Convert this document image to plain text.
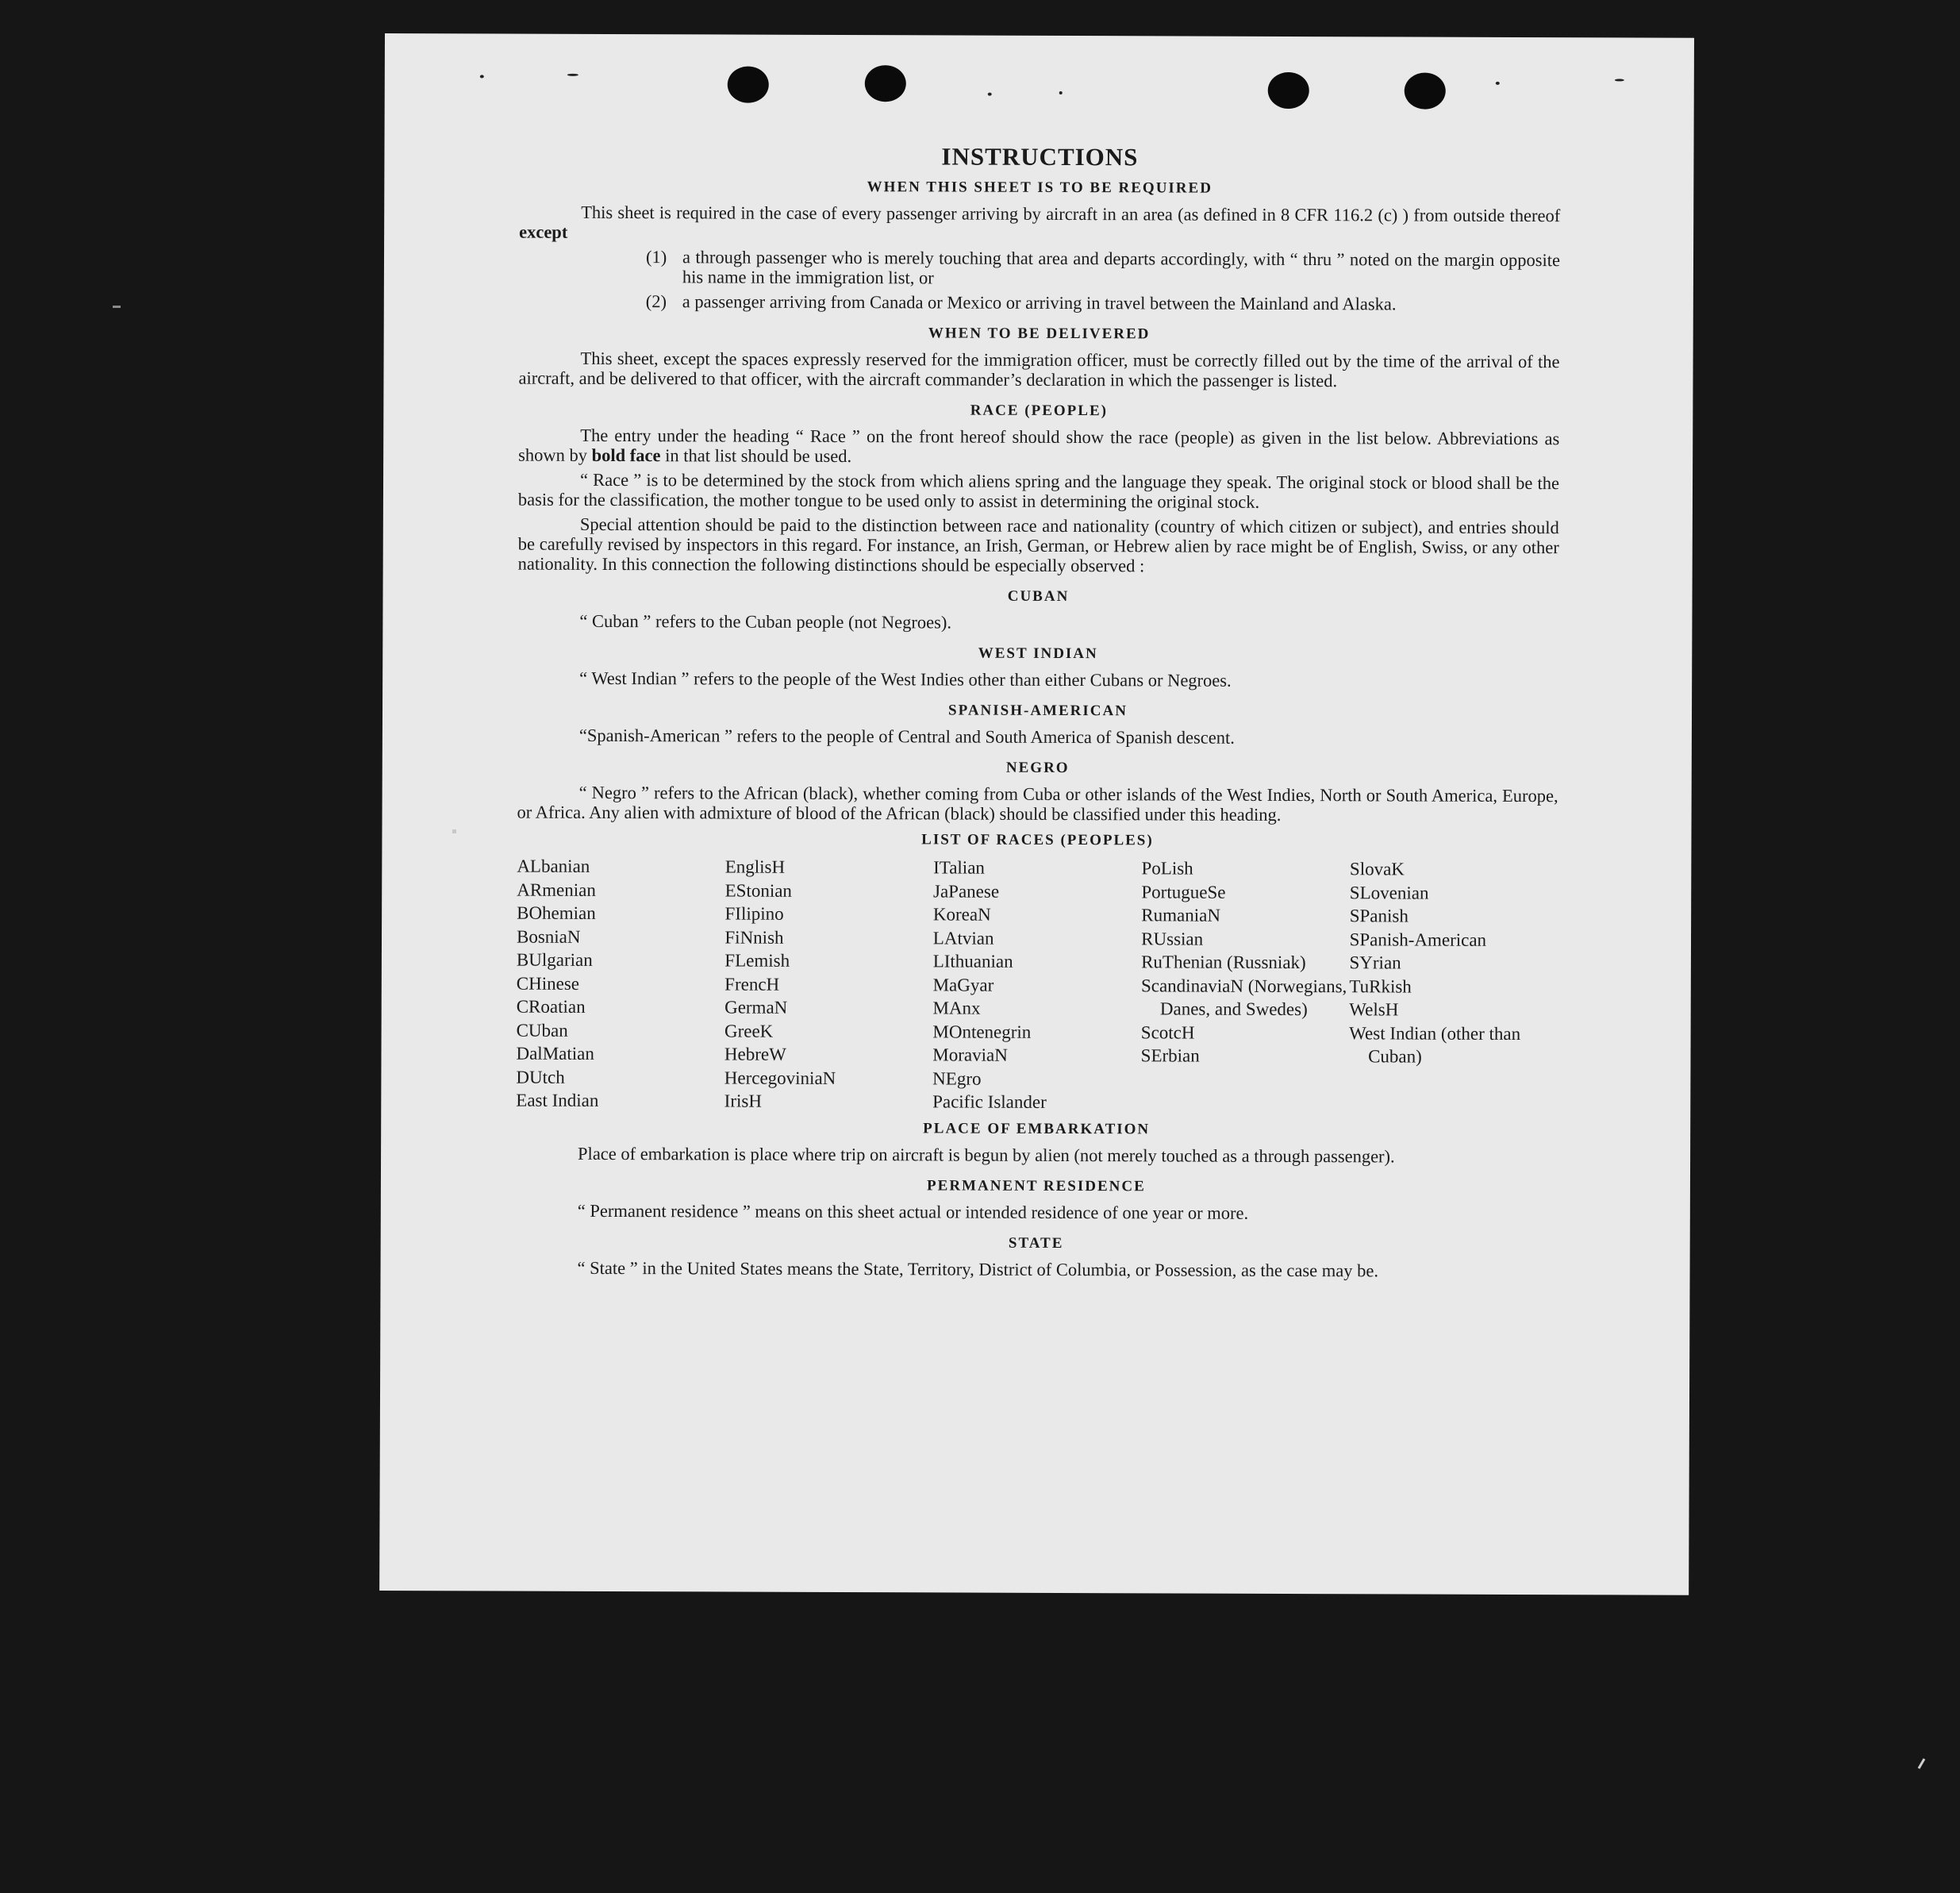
INSTRUCTIONS
WHEN THIS SHEET IS TO BE REQUIRED

This sheet is required in the case of every passenger arriving by aircraft in an area (as defined in 8 CFR 116.2 (c) ) from outside thereof except

(1) a through passenger who is merely touching that area and departs accordingly, with “ thru ” noted on the margin opposite his name in the immigration list, or
(2) a passenger arriving from Canada or Mexico or arriving in travel between the Mainland and Alaska.
WHEN TO BE DELIVERED

This sheet, except the spaces expressly reserved for the immigration officer, must be correctly filled out by the time of the arrival of the aircraft, and be delivered to that officer, with the aircraft commander’s declaration in which the passenger is listed.

RACE (PEOPLE)

The entry under the heading “ Race ” on the front hereof should show the race (people) as given in the list below. Abbreviations as shown by bold face in that list should be used.

“ Race ” is to be determined by the stock from which aliens spring and the language they speak. The original stock or blood shall be the basis for the classification, the mother tongue to be used only to assist in determining the original stock.

Special attention should be paid to the distinction between race and nationality (country of which citizen or subject), and entries should be carefully revised by inspectors in this regard. For instance, an Irish, German, or Hebrew alien by race might be of English, Swiss, or any other nationality. In this connection the following distinctions should be especially observed :

CUBAN

“ Cuban ” refers to the Cuban people (not Negroes).

WEST INDIAN

“ West Indian ” refers to the people of the West Indies other than either Cubans or Negroes.

SPANISH-AMERICAN

“Spanish-American ” refers to the people of Central and South America of Spanish descent.

NEGRO

“ Negro ” refers to the African (black), whether coming from Cuba or other islands of the West Indies, North or South America, Europe, or Africa. Any alien with admixture of blood of the African (black) should be classified under this heading.

LIST OF RACES (PEOPLES)
ALbanian
ARmenian
BOhemian
BosniaN
BUlgarian
CHinese
CRoatian
CUban
DalMatian
DUtch
East Indian
EnglisH
EStonian
FIlipino
FiNnish
FLemish
FrencH
GermaN
GreeK
HebreW
HercegoviniaN
IrisH
ITalian
JaPanese
KoreaN
LAtvian
LIthuanian
MaGyar
MAnx
MOntenegrin
MoraviaN
NEgro
Pacific Islander
PoLish
PortugueSe
RumaniaN
RUssian
RuThenian (Russniak)
ScandinaviaN (Norwegians, Danes, and Swedes)
ScotcH
SErbian
SlovaK
SLovenian
SPanish
SPanish-American
SYrian
TuRkish
WelsH
West Indian (other than Cuban)
PLACE OF EMBARKATION

Place of embarkation is place where trip on aircraft is begun by alien (not merely touched as a through passenger).

PERMANENT RESIDENCE

“ Permanent residence ” means on this sheet actual or intended residence of one year or more.

STATE

“ State ” in the United States means the State, Territory, District of Columbia, or Possession, as the case may be.
